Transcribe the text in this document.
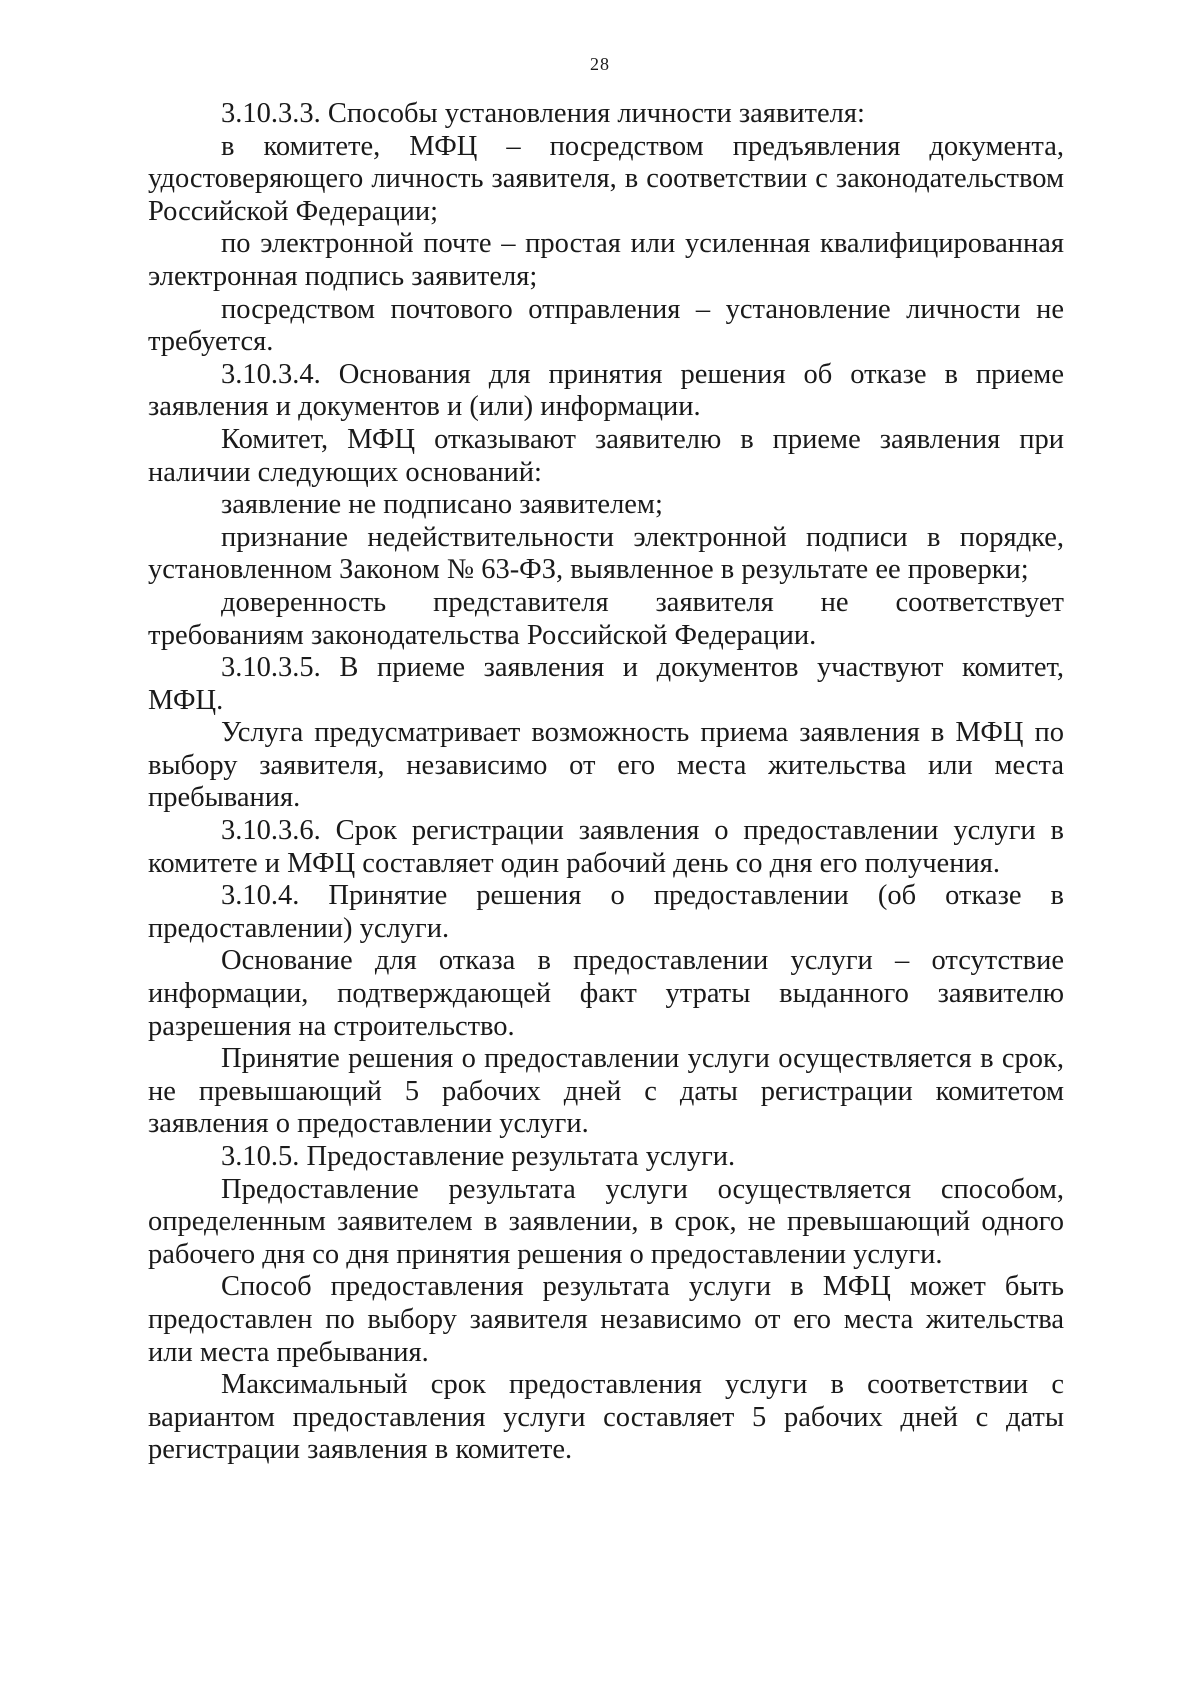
28

3.10.3.3. Способы установления личности заявителя:

в комитете, МФЦ – посредством предъявления документа, удостоверяющего личность заявителя, в соответствии с законодательством Российской Федерации;

по электронной почте – простая или усиленная квалифицированная электронная подпись заявителя;

посредством почтового отправления – установление личности не требуется.

3.10.3.4. Основания для принятия решения об отказе в приеме заявления и документов и (или) информации.

Комитет, МФЦ отказывают заявителю в приеме заявления при наличии следующих оснований:

заявление не подписано заявителем;

признание недействительности электронной подписи в порядке, установленном Законом № 63-ФЗ, выявленное в результате ее проверки;

доверенность представителя заявителя не соответствует требованиям законодательства Российской Федерации.

3.10.3.5. В приеме заявления и документов участвуют комитет, МФЦ.

Услуга предусматривает возможность приема заявления в МФЦ по выбору заявителя, независимо от его места жительства или места пребывания.

3.10.3.6. Срок регистрации заявления о предоставлении услуги в комитете и МФЦ составляет один рабочий день со дня его получения.

3.10.4. Принятие решения о предоставлении (об отказе в предоставлении) услуги.

Основание для отказа в предоставлении услуги – отсутствие информации, подтверждающей факт утраты выданного заявителю разрешения на строительство.

Принятие решения о предоставлении услуги осуществляется в срок, не превышающий 5 рабочих дней с даты регистрации комитетом заявления о предоставлении услуги.

3.10.5. Предоставление результата услуги.

Предоставление результата услуги осуществляется способом, определенным заявителем в заявлении, в срок, не превышающий одного рабочего дня со дня принятия решения о предоставлении услуги.

Способ предоставления результата услуги в МФЦ может быть предоставлен по выбору заявителя независимо от его места жительства или места пребывания.

Максимальный срок предоставления услуги в соответствии с вариантом предоставления услуги составляет 5 рабочих дней с даты регистрации заявления в комитете.
